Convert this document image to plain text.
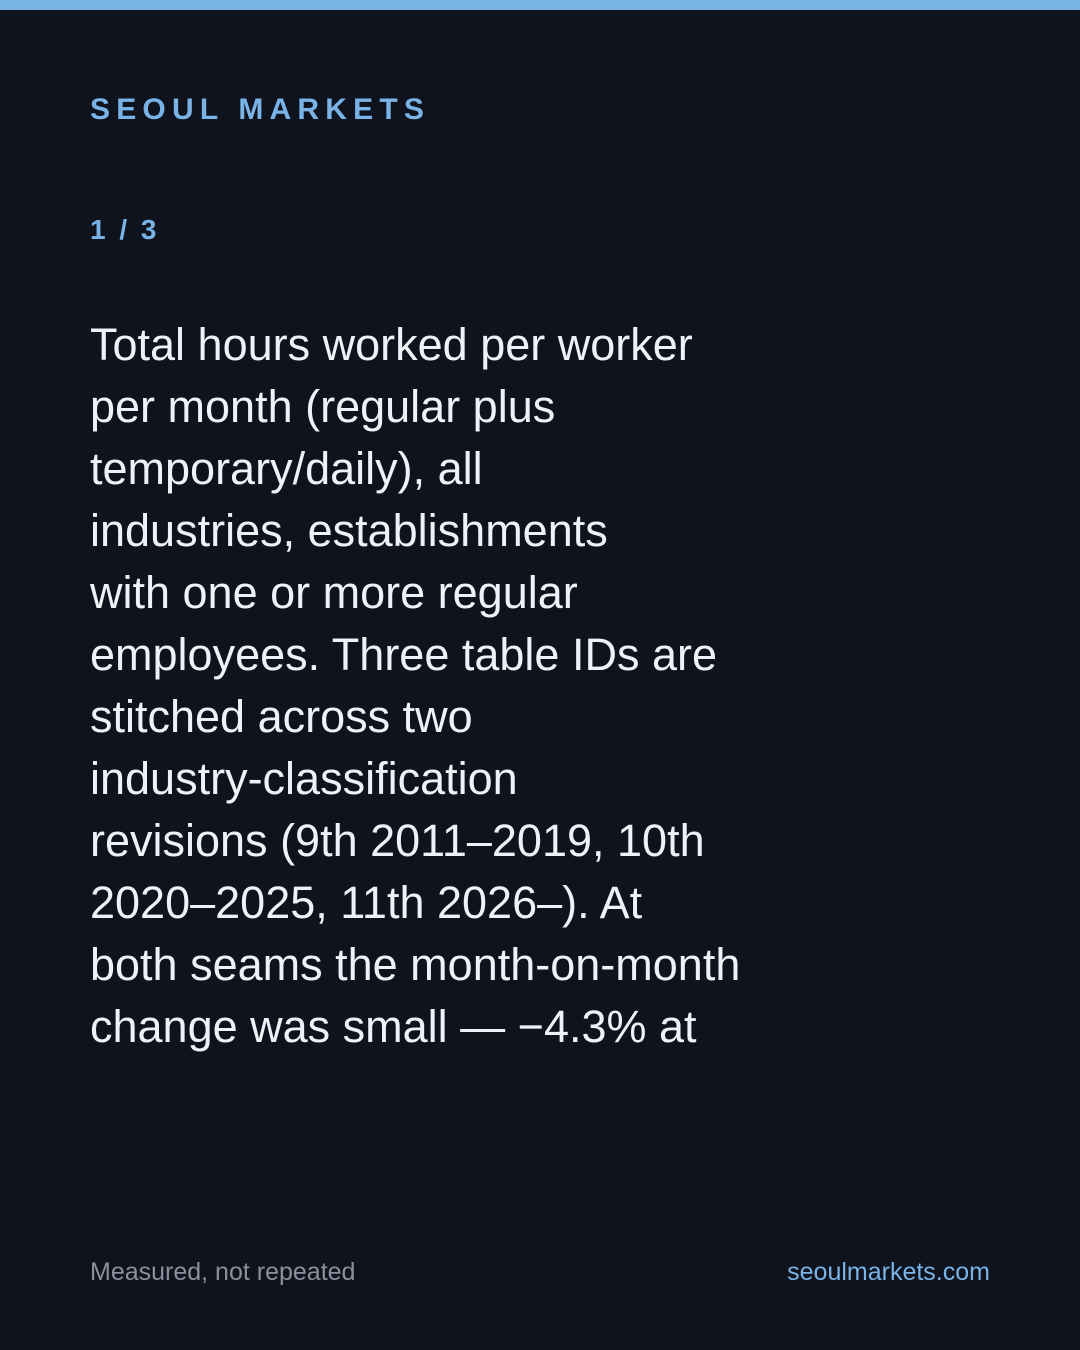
SEOUL MARKETS
1 / 3

Total hours worked per worker
per month (regular plus
temporary/daily), all
industries, establishments
with one or more regular
employees. Three table IDs are
stitched across two
industry-classification
revisions (9th 2011–2019, 10th
2020–2025, 11th 2026–). At
both seams the month-on-month
change was small — −4.3% at

Measured, not repeated	seoulmarkets.com
